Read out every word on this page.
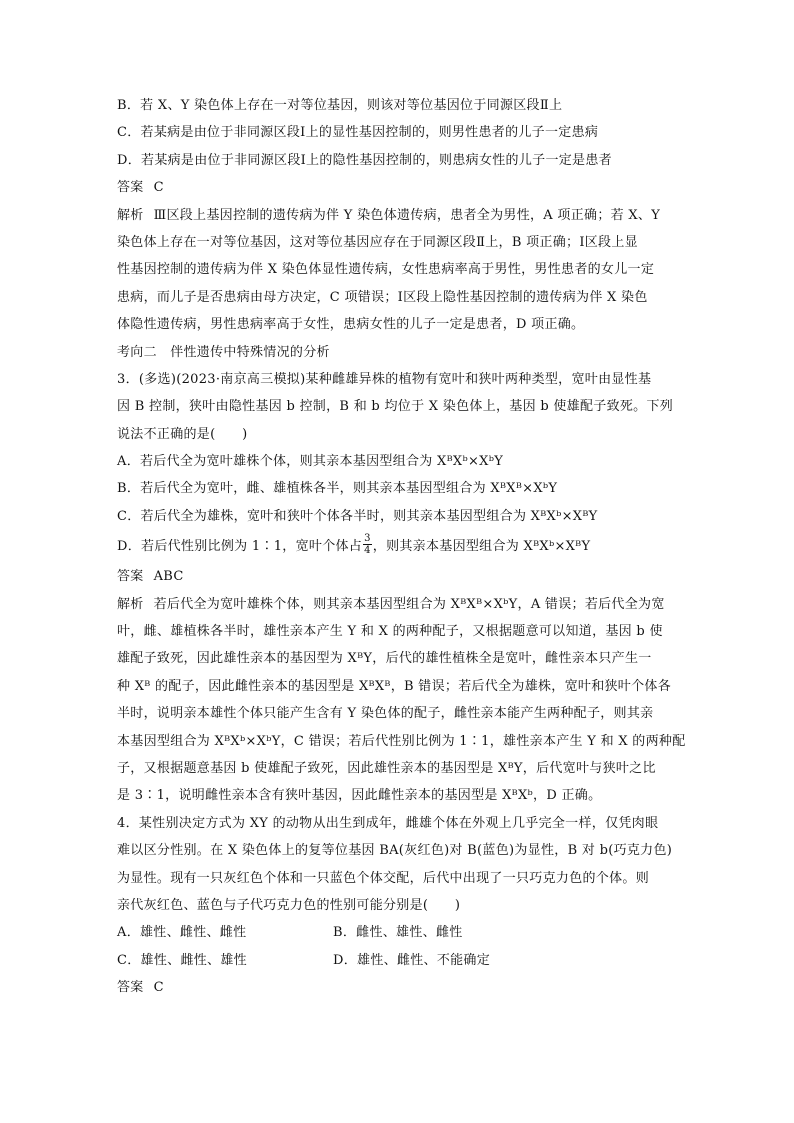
B．若 X、Y 染色体上存在一对等位基因，则该对等位基因位于同源区段Ⅱ上
C．若某病是由位于非同源区段Ⅰ上的显性基因控制的，则男性患者的儿子一定患病
D．若某病是由位于非同源区段Ⅰ上的隐性基因控制的，则患病女性的儿子一定是患者
答案 C
解析 Ⅲ区段上基因控制的遗传病为伴 Y 染色体遗传病，患者全为男性，A 项正确；若 X、Y
染色体上存在一对等位基因，这对等位基因应存在于同源区段Ⅱ上，B 项正确；Ⅰ区段上显
性基因控制的遗传病为伴 X 染色体显性遗传病，女性患病率高于男性，男性患者的女儿一定
患病，而儿子是否患病由母方决定，C 项错误；Ⅰ区段上隐性基因控制的遗传病为伴 X 染色
体隐性遗传病，男性患病率高于女性，患病女性的儿子一定是患者，D 项正确。
考向二　伴性遗传中特殊情况的分析
3．(多选)(2023·南京高三模拟)某种雌雄异株的植物有宽叶和狭叶两种类型，宽叶由显性基
因 B 控制，狭叶由隐性基因 b 控制，B 和 b 均位于 X 染色体上，基因 b 使雄配子致死。下列
说法不正确的是(　　)
A．若后代全为宽叶雄株个体，则其亲本基因型组合为 XᴮXᵇ×XᵇY
B．若后代全为宽叶，雌、雄植株各半，则其亲本基因型组合为 XᴮXᴮ×XᵇY
C．若后代全为雄株，宽叶和狭叶个体各半时，则其亲本基因型组合为 XᴮXᵇ×XᴮY
D．若后代性别比例为 1∶1，宽叶个体占 $\frac{3}{4}$ ，则其亲本基因型组合为 XᴮXᵇ×XᴮY
答案 ABC
解析 若后代全为宽叶雄株个体，则其亲本基因型组合为 XᴮXᴮ×XᵇY，A 错误；若后代全为宽
叶，雌、雄植株各半时，雄性亲本产生 Y 和 X 的两种配子，又根据题意可以知道，基因 b 使
雄配子致死，因此雄性亲本的基因型为 XᴮY，后代的雄性植株全是宽叶，雌性亲本只产生一
种 Xᴮ 的配子，因此雌性亲本的基因型是 XᴮXᴮ，B 错误；若后代全为雄株，宽叶和狭叶个体各
半时，说明亲本雄性个体只能产生含有 Y 染色体的配子，雌性亲本能产生两种配子，则其亲
本基因型组合为 XᴮXᵇ×XᵇY，C 错误；若后代性别比例为 1∶1，雄性亲本产生 Y 和 X 的两种配
子，又根据题意基因 b 使雄配子致死，因此雄性亲本的基因型是 XᴮY，后代宽叶与狭叶之比
是 3∶1，说明雌性亲本含有狭叶基因，因此雌性亲本的基因型是 XᴮXᵇ，D 正确。
4．某性别决定方式为 XY 的动物从出生到成年，雌雄个体在外观上几乎完全一样，仅凭肉眼
难以区分性别。在 X 染色体上的复等位基因 BA(灰红色)对 B(蓝色)为显性，B 对 b(巧克力色)
为显性。现有一只灰红色个体和一只蓝色个体交配，后代中出现了一只巧克力色的个体。则
亲代灰红色、蓝色与子代巧克力色的性别可能分别是(　　)
A．雄性、雌性、雌性	B．雌性、雄性、雌性
C．雄性、雌性、雄性	D．雄性、雌性、不能确定
答案 C
